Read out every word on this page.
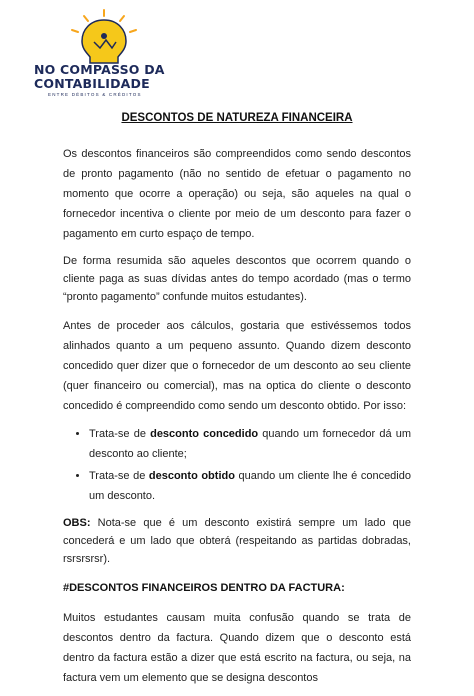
NO COMPASSO DA
CONTABILIDADE
ENTRE DÉBITOS & CRÉDITOS
DESCONTOS DE NATUREZA FINANCEIRA

Os descontos financeiros são compreendidos como sendo descontos de pronto pagamento (não no sentido de efetuar o pagamento no momento que ocorre a operação) ou seja, são aqueles na qual o fornecedor incentiva o cliente por meio de um desconto para fazer o pagamento em curto espaço de tempo.

De forma resumida são aqueles descontos que ocorrem quando o cliente paga as suas dívidas antes do tempo acordado (mas o termo “pronto pagamento” confunde muitos estudantes).

Antes de proceder aos cálculos, gostaria que estivéssemos todos alinhados quanto a um pequeno assunto. Quando dizem desconto concedido quer dizer que o fornecedor de um desconto ao seu cliente (quer financeiro ou comercial), mas na optica do cliente o desconto concedido é compreendido como sendo um desconto obtido. Por isso:

• Trata-se de desconto concedido quando um fornecedor dá um desconto ao cliente;
• Trata-se de desconto obtido quando um cliente lhe é concedido um desconto.

OBS: Nota-se que é um desconto existirá sempre um lado que concederá e um lado que obterá (respeitando as partidas dobradas, rsrsrsrsr).

#DESCONTOS FINANCEIROS DENTRO DA FACTURA:

Muitos estudantes causam muita confusão quando se trata de descontos dentro da factura. Quando dizem que o desconto está dentro da factura estão a dizer que está escrito na factura, ou seja, na factura vem um elemento que se designa descontos
